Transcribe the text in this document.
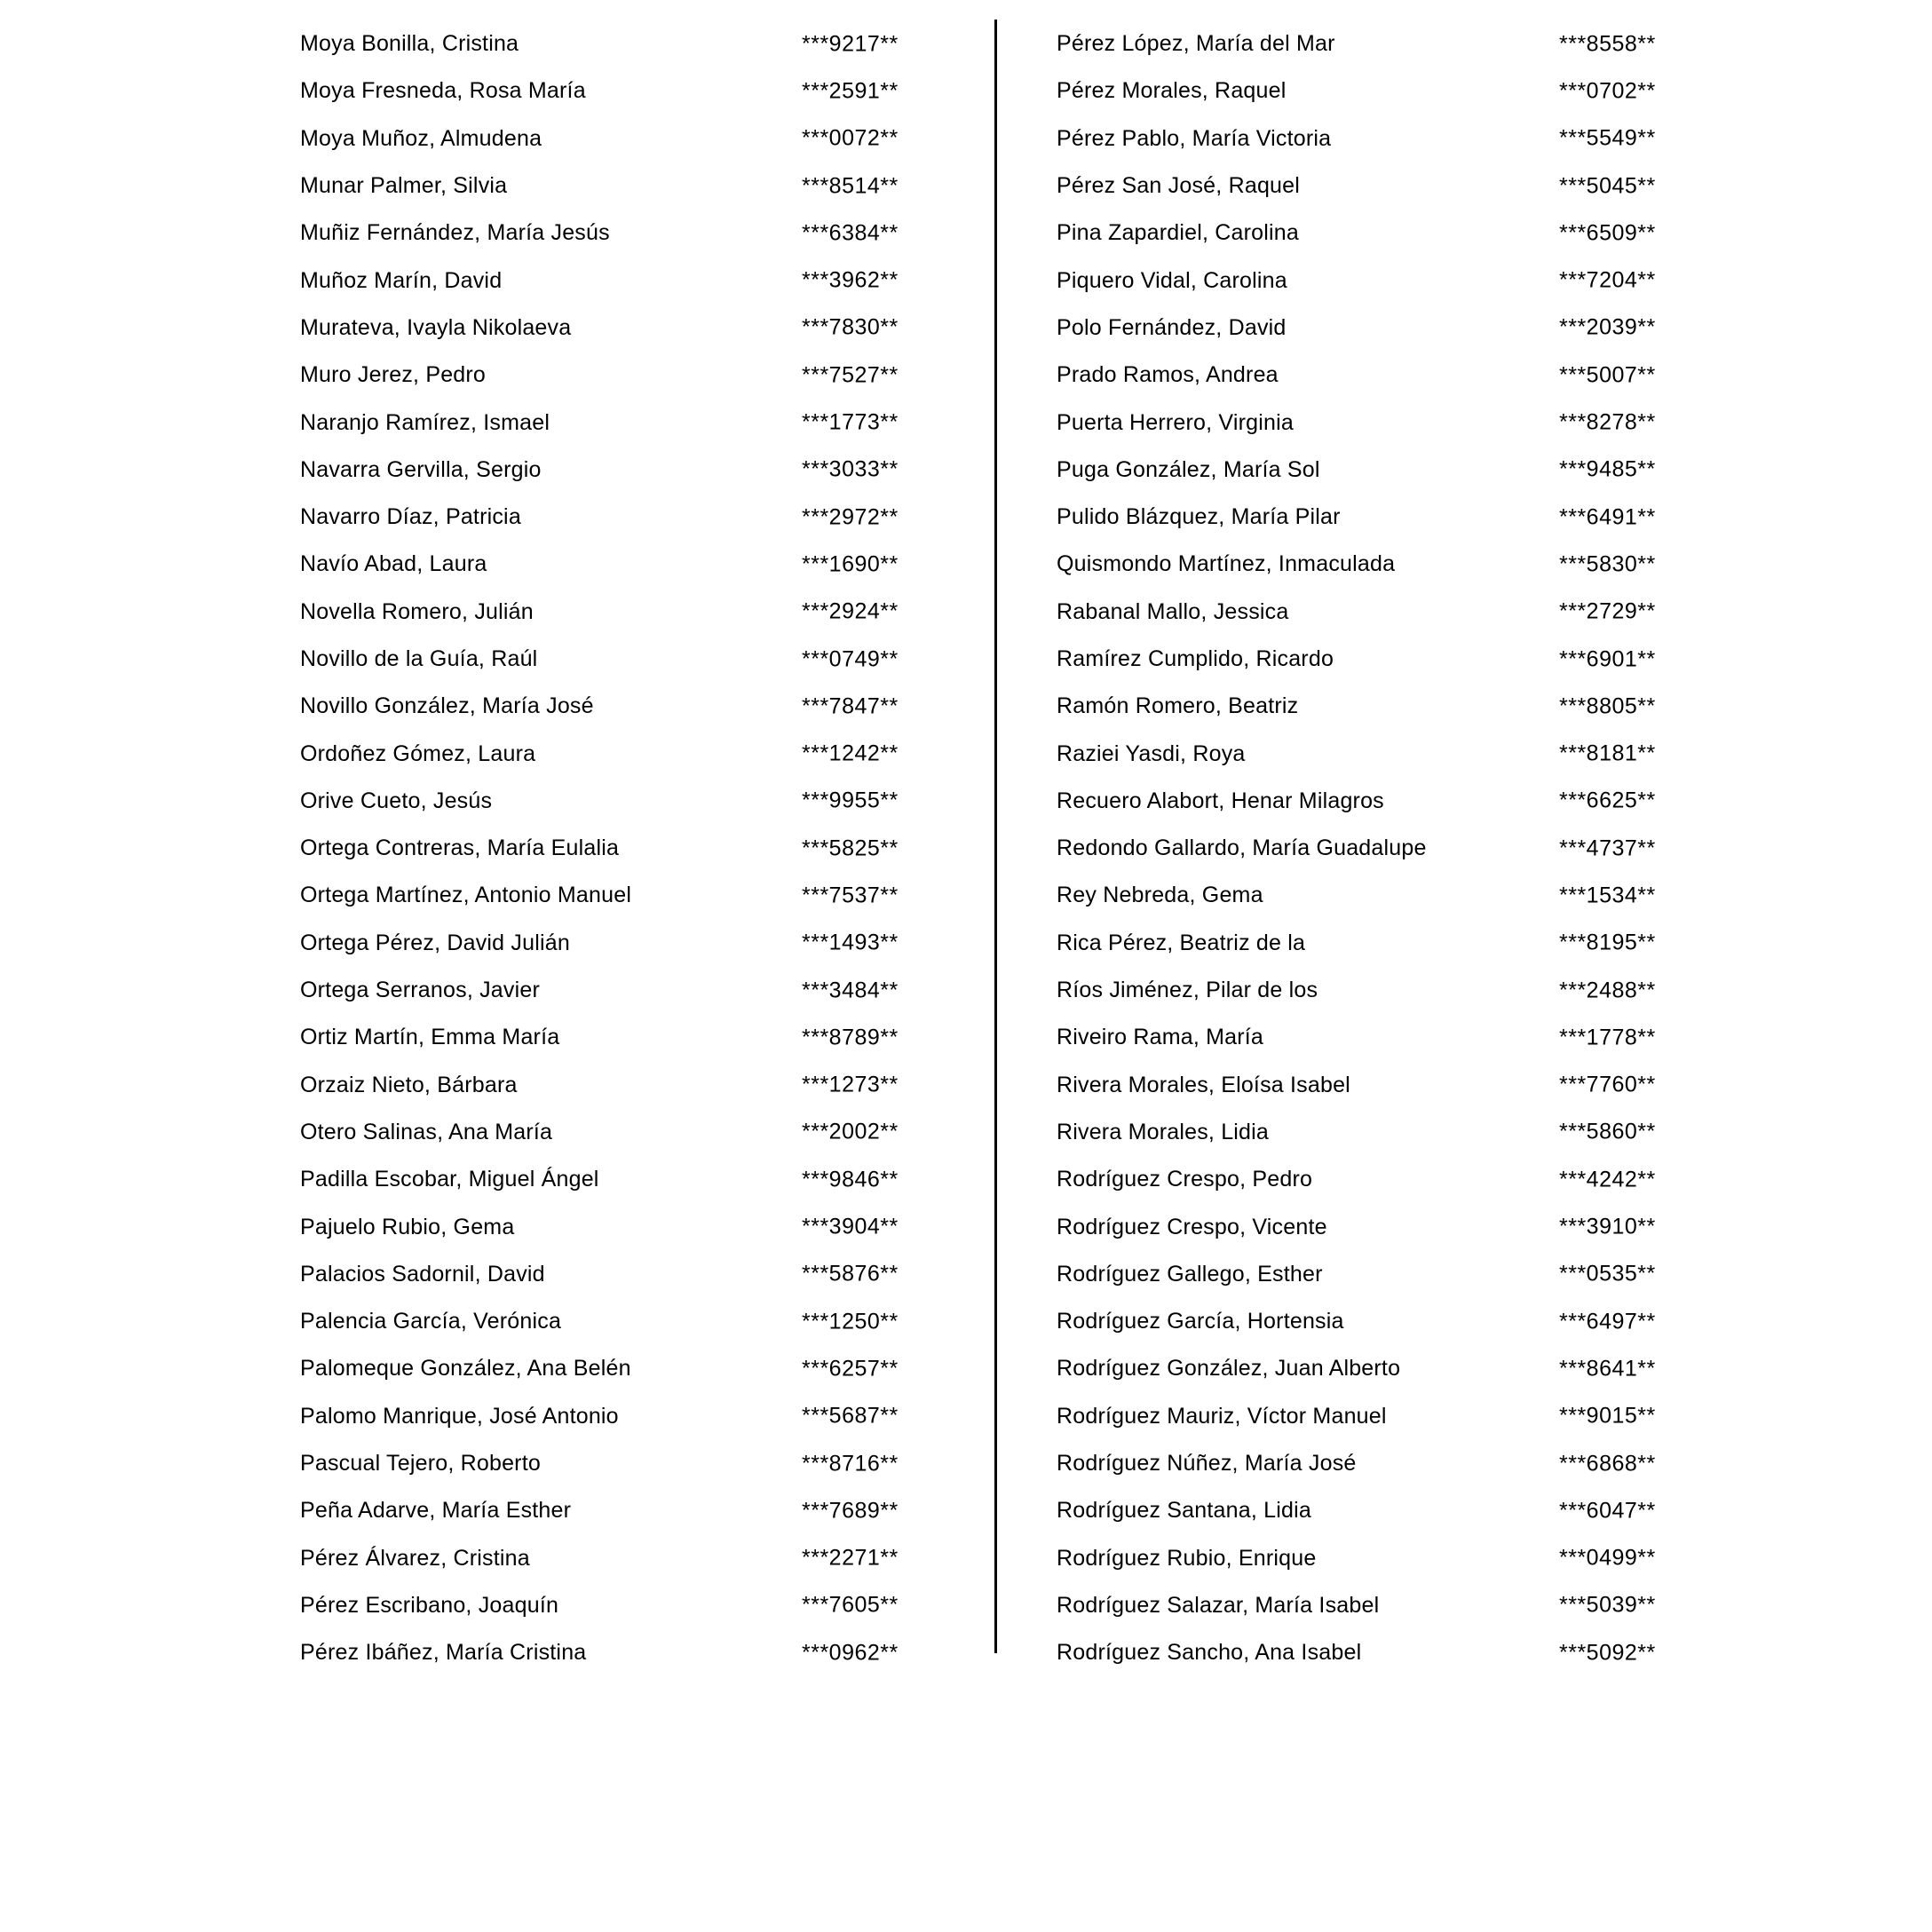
Moya Bonilla, Cristina	***9217**
Moya Fresneda, Rosa María	***2591**
Moya Muñoz, Almudena	***0072**
Munar Palmer, Silvia	***8514**
Muñiz Fernández, María Jesús	***6384**
Muñoz Marín, David	***3962**
Murateva, Ivayla Nikolaeva	***7830**
Muro Jerez, Pedro	***7527**
Naranjo Ramírez, Ismael	***1773**
Navarra Gervilla, Sergio	***3033**
Navarro Díaz, Patricia	***2972**
Navío Abad, Laura	***1690**
Novella Romero, Julián	***2924**
Novillo de la Guía, Raúl	***0749**
Novillo González, María José	***7847**
Ordoñez Gómez, Laura	***1242**
Orive Cueto, Jesús	***9955**
Ortega Contreras, María Eulalia	***5825**
Ortega Martínez, Antonio Manuel	***7537**
Ortega Pérez, David Julián	***1493**
Ortega Serranos, Javier	***3484**
Ortiz Martín, Emma María	***8789**
Orzaiz Nieto, Bárbara	***1273**
Otero Salinas, Ana María	***2002**
Padilla Escobar, Miguel Ángel	***9846**
Pajuelo Rubio, Gema	***3904**
Palacios Sadornil, David	***5876**
Palencia García, Verónica	***1250**
Palomeque González, Ana Belén	***6257**
Palomo Manrique, José Antonio	***5687**
Pascual Tejero, Roberto	***8716**
Peña Adarve, María Esther	***7689**
Pérez Álvarez, Cristina	***2271**
Pérez Escribano, Joaquín	***7605**
Pérez Ibáñez, María Cristina	***0962**
Pérez López, María del Mar	***8558**
Pérez Morales, Raquel	***0702**
Pérez Pablo, María Victoria	***5549**
Pérez San José, Raquel	***5045**
Pina Zapardiel, Carolina	***6509**
Piquero Vidal, Carolina	***7204**
Polo Fernández, David	***2039**
Prado Ramos, Andrea	***5007**
Puerta Herrero, Virginia	***8278**
Puga González, María Sol	***9485**
Pulido Blázquez, María Pilar	***6491**
Quismondo Martínez, Inmaculada	***5830**
Rabanal Mallo, Jessica	***2729**
Ramírez Cumplido, Ricardo	***6901**
Ramón Romero, Beatriz	***8805**
Raziei Yasdi, Roya	***8181**
Recuero Alabort, Henar Milagros	***6625**
Redondo Gallardo, María Guadalupe	***4737**
Rey Nebreda, Gema	***1534**
Rica Pérez, Beatriz de la	***8195**
Ríos Jiménez, Pilar de los	***2488**
Riveiro Rama, María	***1778**
Rivera Morales, Eloísa Isabel	***7760**
Rivera Morales, Lidia	***5860**
Rodríguez Crespo, Pedro	***4242**
Rodríguez Crespo, Vicente	***3910**
Rodríguez Gallego, Esther	***0535**
Rodríguez García, Hortensia	***6497**
Rodríguez González, Juan Alberto	***8641**
Rodríguez Mauriz, Víctor Manuel	***9015**
Rodríguez Núñez, María José	***6868**
Rodríguez Santana, Lidia	***6047**
Rodríguez Rubio, Enrique	***0499**
Rodríguez Salazar, María Isabel	***5039**
Rodríguez Sancho, Ana Isabel	***5092**
